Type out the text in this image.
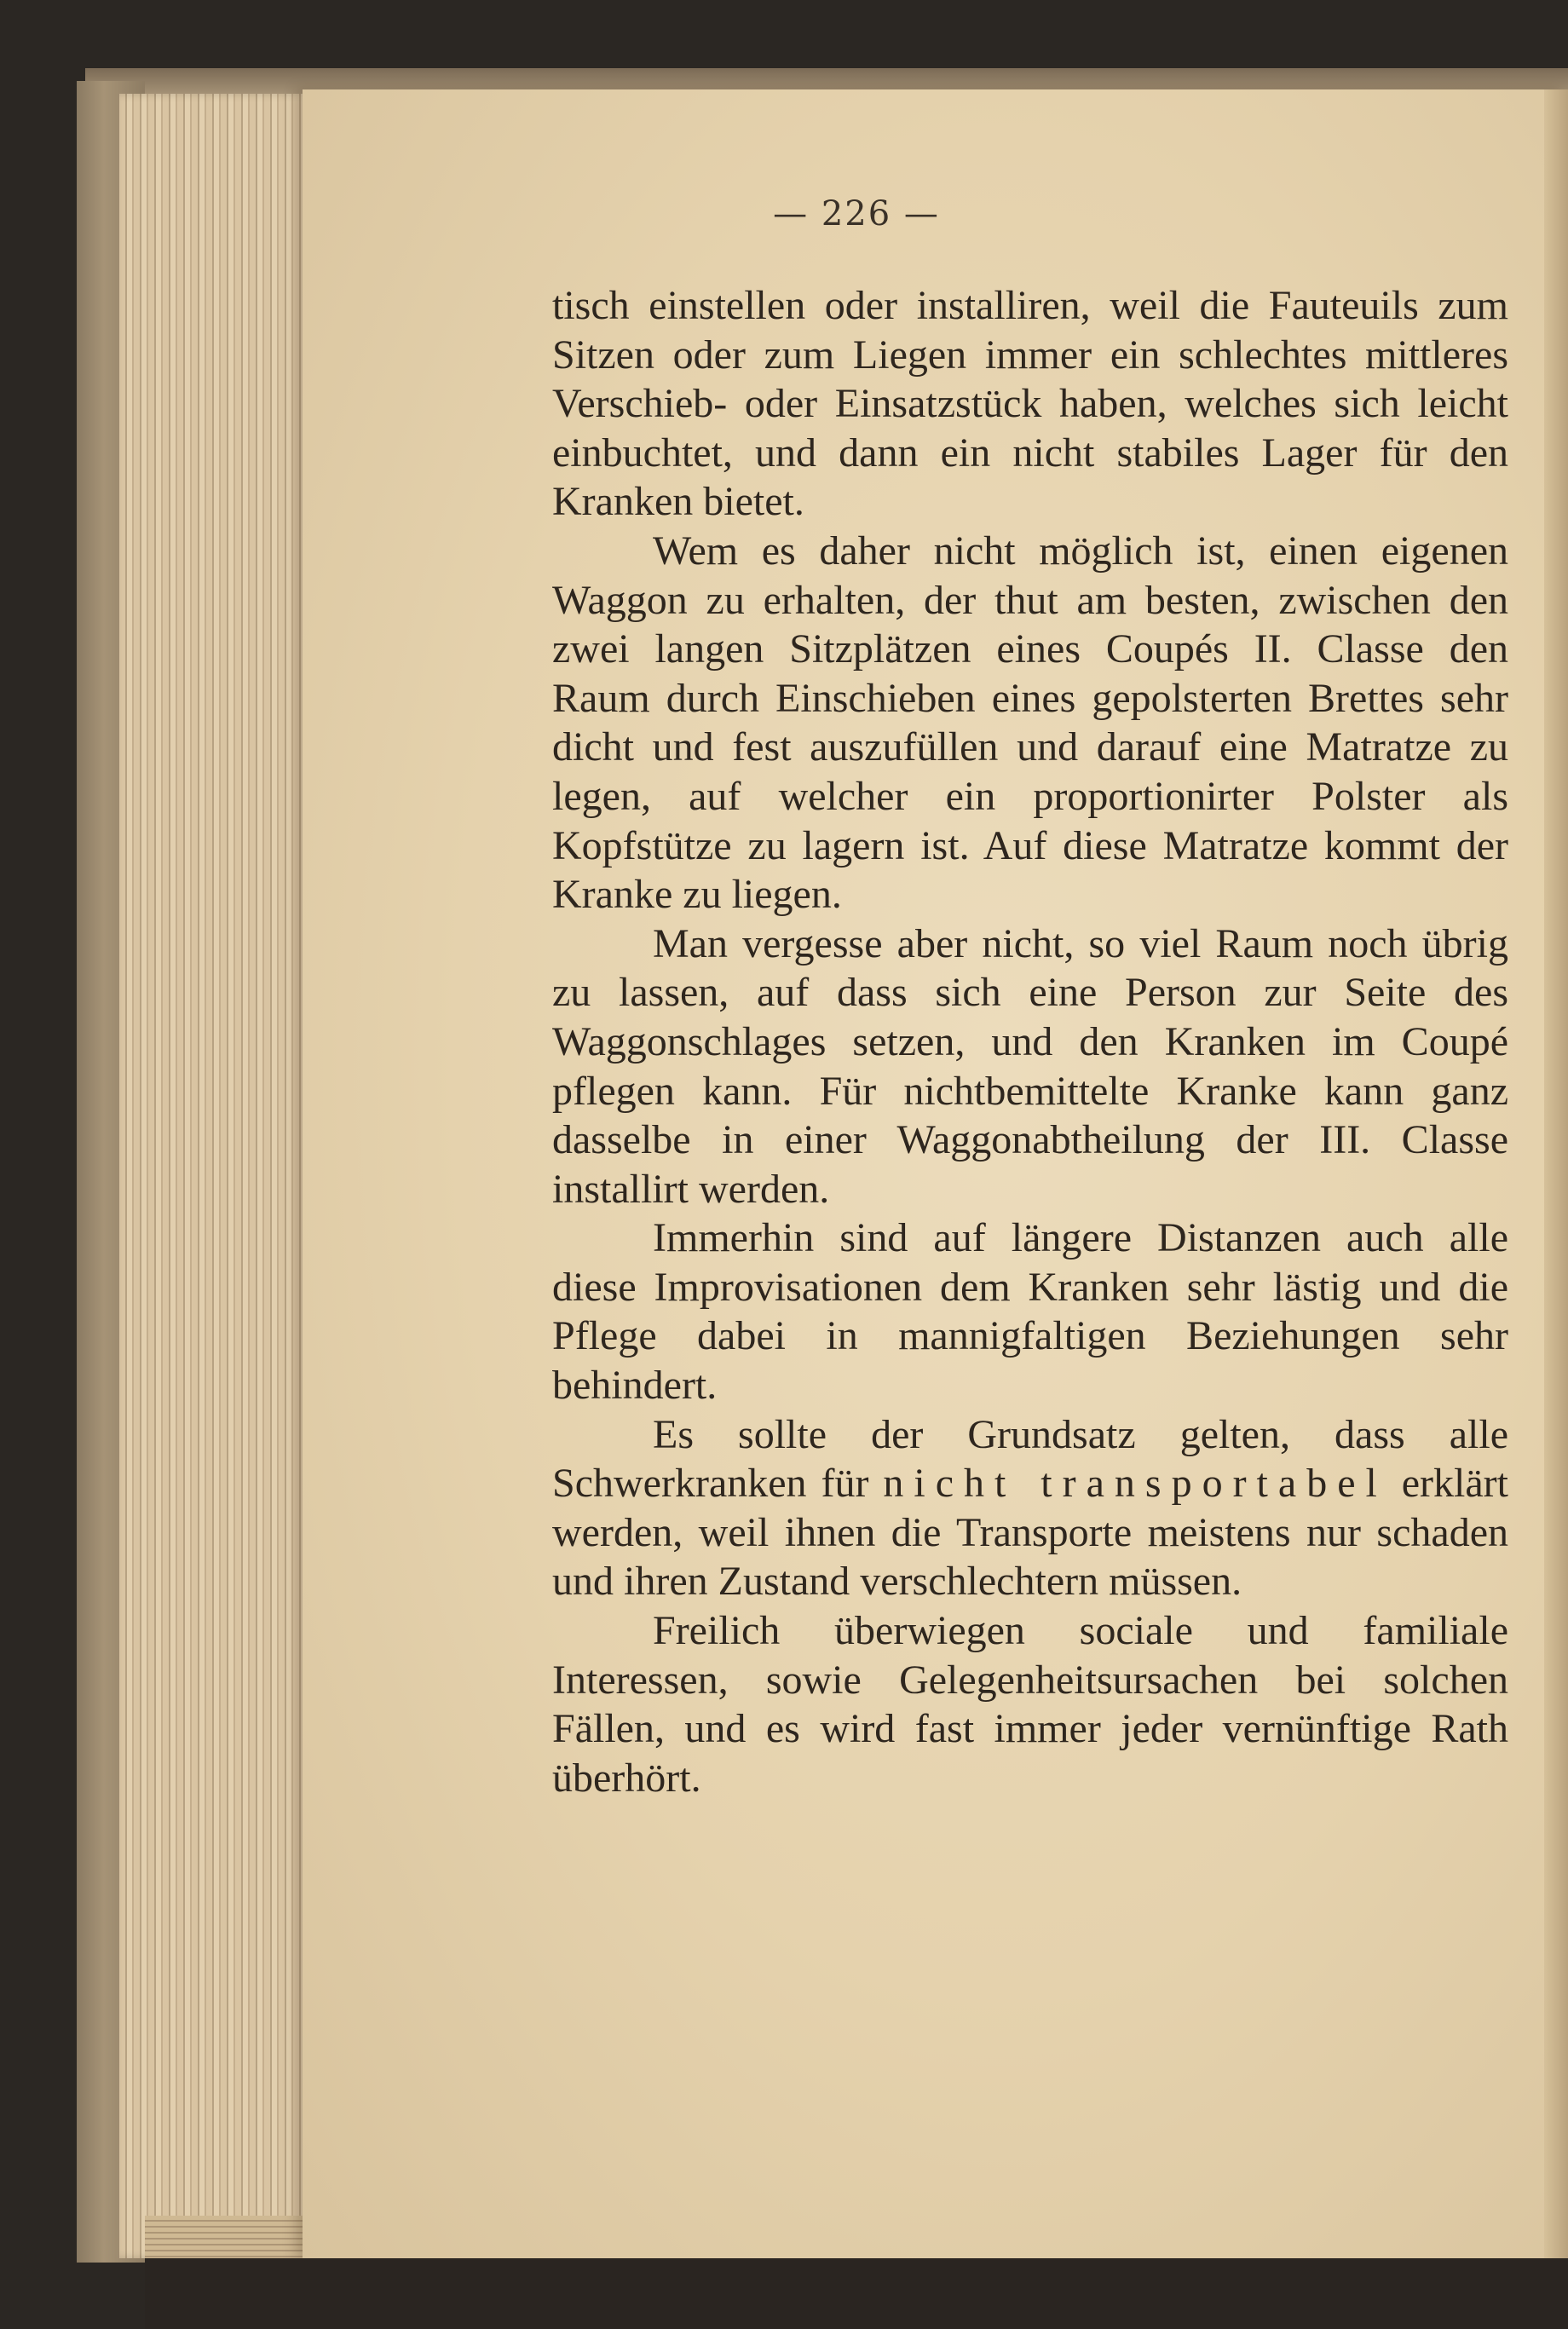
— 226 —

tisch einstellen oder installiren, weil die Fauteuils zum Sitzen oder zum Liegen immer ein schlechtes mittleres Verschieb- oder Einsatzstück haben, welches sich leicht einbuchtet, und dann ein nicht stabiles Lager für den Kranken bietet.

Wem es daher nicht möglich ist, einen eigenen Waggon zu erhalten, der thut am besten, zwischen den zwei langen Sitzplätzen eines Coupés II. Classe den Raum durch Einschieben eines gepolsterten Brettes sehr dicht und fest auszufüllen und darauf eine Matratze zu legen, auf welcher ein proportionirter Polster als Kopfstütze zu lagern ist. Auf diese Matratze kommt der Kranke zu liegen.

Man vergesse aber nicht, so viel Raum noch übrig zu lassen, auf dass sich eine Person zur Seite des Waggonschlages setzen, und den Kranken im Coupé pflegen kann. Für nichtbemittelte Kranke kann ganz dasselbe in einer Waggonabtheilung der III. Classe installirt werden.

Immerhin sind auf längere Distanzen auch alle diese Improvisationen dem Kranken sehr lästig und die Pflege dabei in mannigfaltigen Beziehungen sehr behindert.

Es sollte der Grundsatz gelten, dass alle Schwerkranken für nicht transportabel erklärt werden, weil ihnen die Transporte meistens nur schaden und ihren Zustand verschlechtern müssen.

Freilich überwiegen sociale und familiale Interessen, sowie Gelegenheitsursachen bei solchen Fällen, und es wird fast immer jeder vernünftige Rath überhört.
